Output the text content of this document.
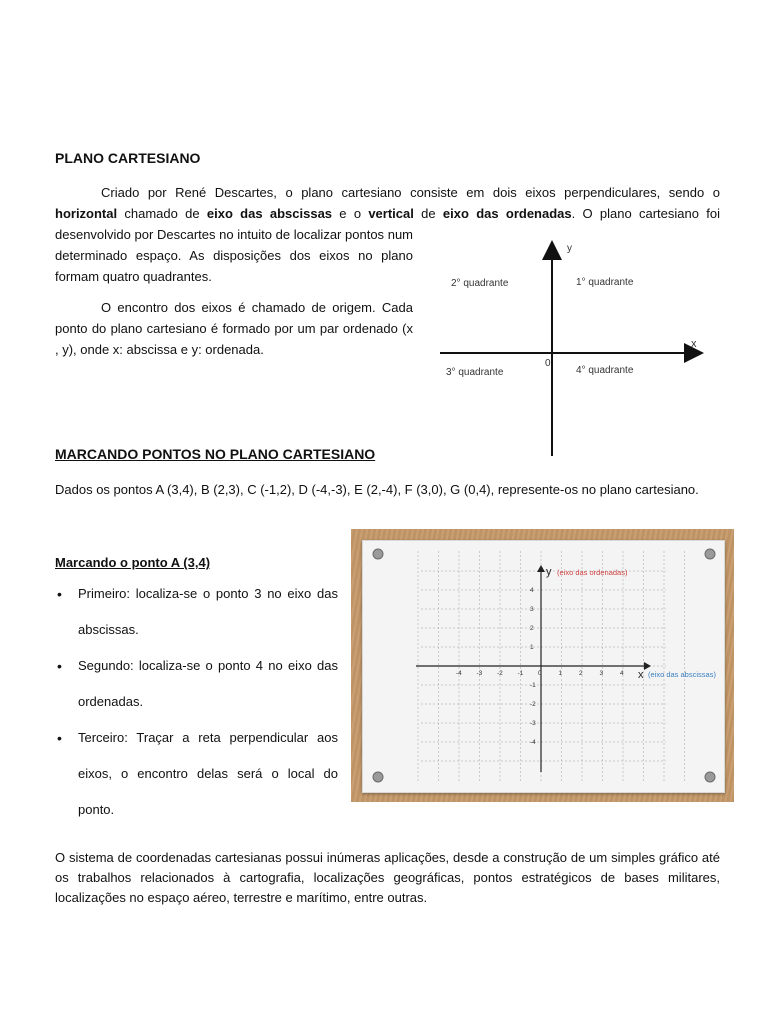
PLANO CARTESIANO
Criado por René Descartes, o plano cartesiano consiste em dois eixos perpendiculares, sendo o
horizontal chamado de eixo das abscissas e o vertical de eixo das ordenadas. O plano cartesiano foi
desenvolvido por Descartes no intuito de localizar pontos num determinado espaço. As disposições dos eixos no plano formam quatro quadrantes.
O encontro dos eixos é chamado de origem. Cada ponto do plano cartesiano é formado por um par ordenado (x , y), onde x: abscissa e y: ordenada.
y
x
0
1° quadrante
2° quadrante
3° quadrante	4° quadrante
MARCANDO PONTOS NO PLANO CARTESIANO
Dados os pontos A (3,4), B (2,3), C (-1,2), D (-4,-3), E (2,-4), F (3,0), G (0,4), represente-os no plano cartesiano.
Marcando o ponto A (3,4)
• Primeiro: localiza-se o ponto 3 no eixo das abscissas.
• Segundo: localiza-se o ponto 4 no eixo das ordenadas.
• Terceiro: Traçar a reta perpendicular aos eixos, o encontro delas será o local do ponto.
-4 -3 -2 -1 0	1	2	3	4
4
3
2
1
-1
-2
-3
-4
y (eixo das ordenadas)
x (eixo das abscissas)
O sistema de coordenadas cartesianas possui inúmeras aplicações, desde a construção de um simples gráfico até os trabalhos relacionados à cartografia, localizações geográficas, pontos estratégicos de bases militares, localizações no espaço aéreo, terrestre e marítimo, entre outras.
